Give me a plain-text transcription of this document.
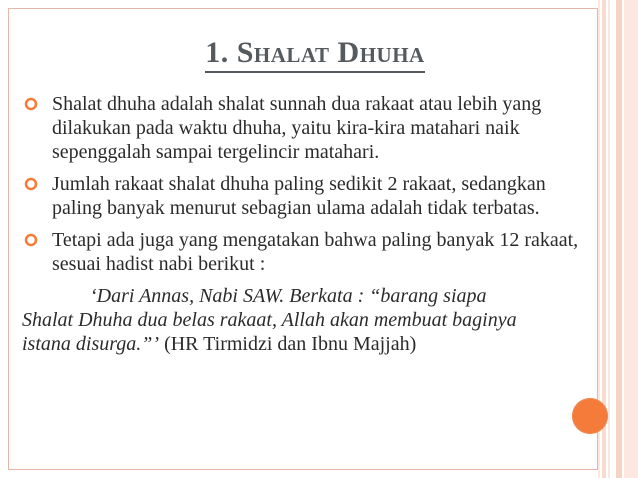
1. Shalat Dhuha
Shalat dhuha adalah shalat sunnah dua rakaat atau lebih yang dilakukan pada waktu dhuha, yaitu kira-kira matahari naik sepenggalah sampai tergelincir matahari.
Jumlah rakaat shalat dhuha paling sedikit 2 rakaat, sedangkan paling banyak menurut sebagian ulama adalah tidak terbatas.
Tetapi ada juga yang mengatakan bahwa paling banyak 12 rakaat, sesuai hadist nabi berikut :
‘Dari Annas, Nabi SAW. Berkata : “barang siapa
Shalat Dhuha dua belas rakaat, Allah akan membuat baginya
istana disurga.”’ (HR Tirmidzi dan Ibnu Majjah)
